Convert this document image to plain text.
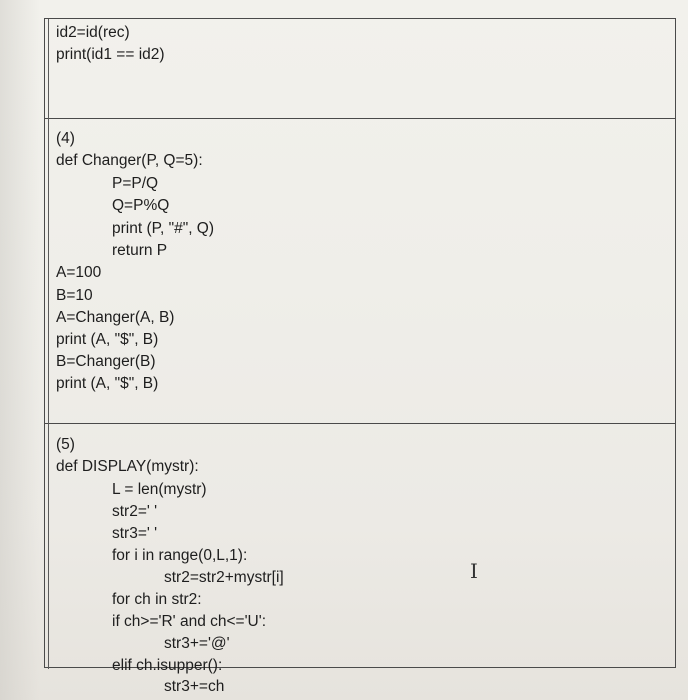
id2=id(rec)
print(id1 == id2)
(4)
def Changer(P, Q=5):
P=P/Q
Q=P%Q
print (P, "#", Q)
return P
A=100
B=10
A=Changer(A, B)
print (A, "$", B)
B=Changer(B)
print (A, "$", B)
(5)
def DISPLAY(mystr):
L = len(mystr)
str2=' '
str3=' '
for i in range(0,L,1):
str2=str2+mystr[i]
for ch in str2:
if ch>='R' and ch<='U':
str3+='@'
elif ch.isupper():
str3+=ch
I
